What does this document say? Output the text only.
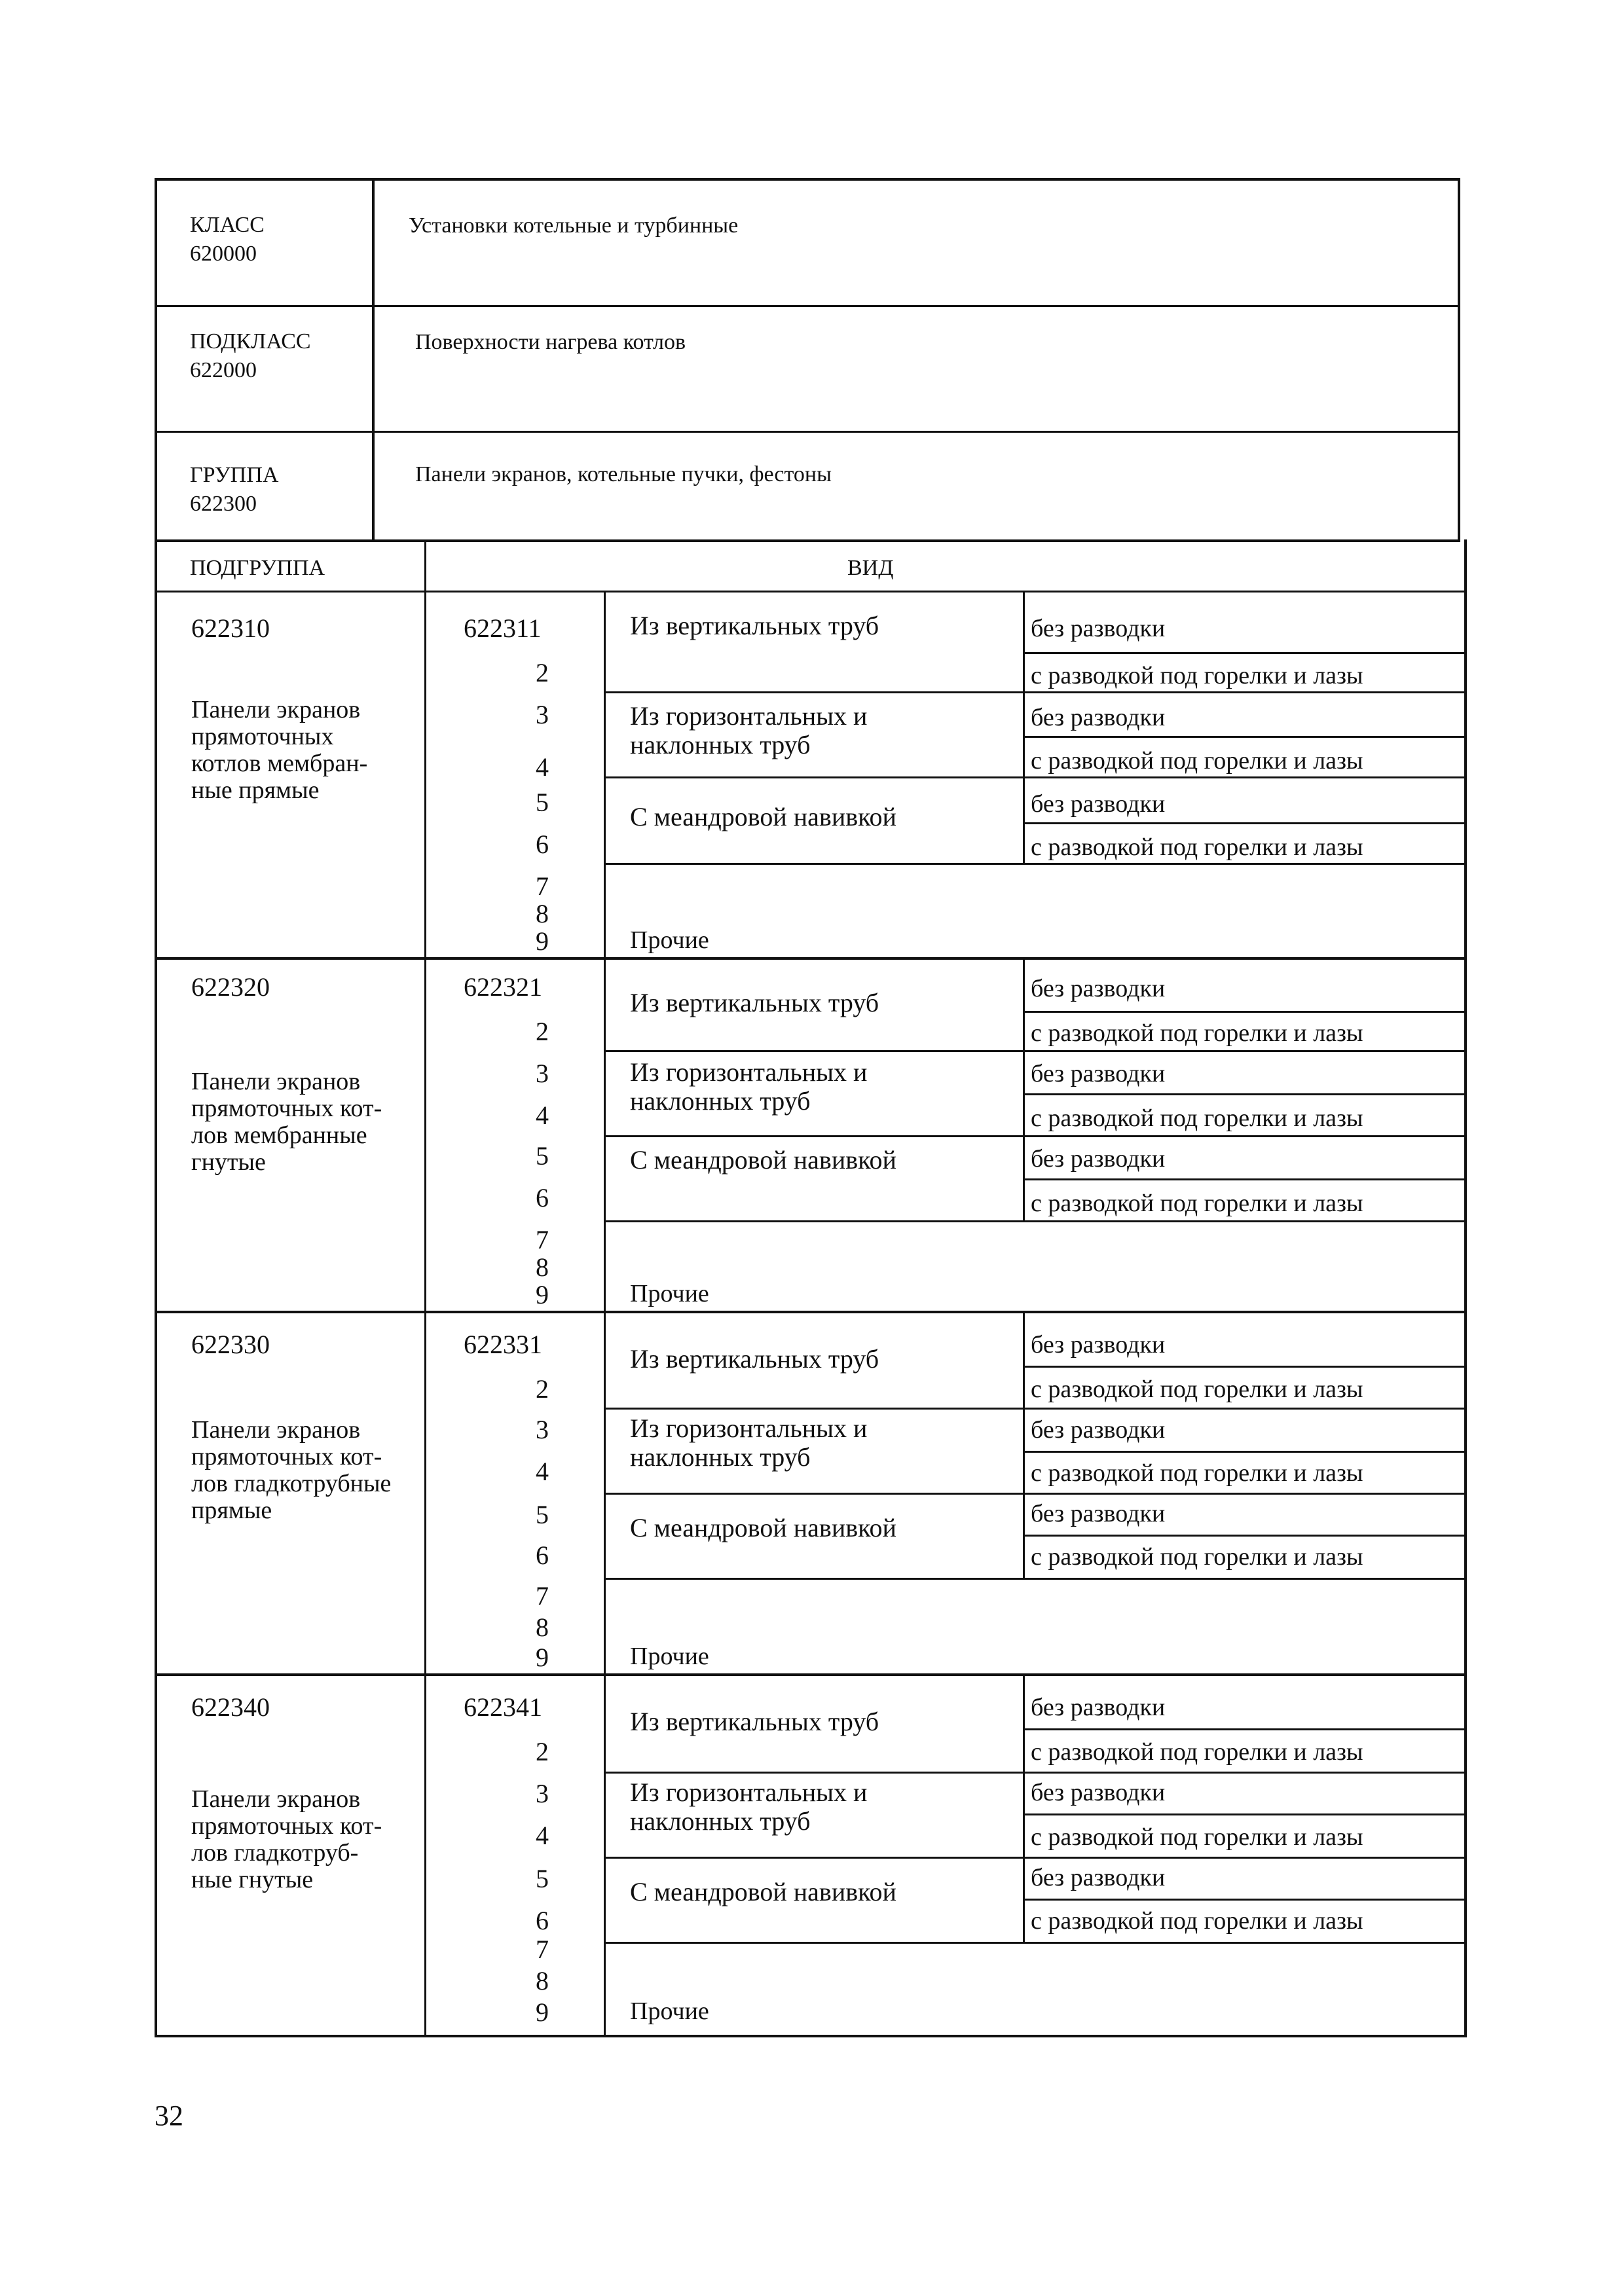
КЛАСС
620000
Установки котельные и турбинные
ПОДКЛАСС
622000
Поверхности нагрева котлов
ГРУППА
622300
Панели экранов, котельные пучки, фестоны
ПОДГРУППА	ВИД
622310
Панели экранов
прямоточных
котлов мембран-
ные прямые
622311
2
3
4
5
6
7
8
9
Из вертикальных труб
Из горизонтальных и
наклонных труб
С меандровой навивкой
без разводки
с разводкой под горелки и лазы
без разводки
с разводкой под горелки и лазы
без разводки
с разводкой под горелки и лазы
Прочие
622320
Панели экранов
прямоточных кот-
лов мембранные
гнутые
622321
2
3
4
5
6
7
8
9
Из вертикальных труб
Из горизонтальных и
наклонных труб
С меандровой навивкой
без разводки
с разводкой под горелки и лазы
без разводки
с разводкой под горелки и лазы
без разводки
с разводкой под горелки и лазы
Прочие
622330
Панели экранов
прямоточных кот-
лов гладкотрубные
прямые
622331
2
3
4
5
6
7
8
9
Из вертикальных труб
Из горизонтальных и
наклонных труб
С меандровой навивкой
без разводки
с разводкой под горелки и лазы
без разводки
с разводкой под горелки и лазы
без разводки
с разводкой под горелки и лазы
Прочие
622340
Панели экранов
прямоточных кот-
лов гладкотруб-
ные гнутые
622341
2
3
4
5
6
7
8
9
Из вертикальных труб
Из горизонтальных и
наклонных труб
С меандровой навивкой
без разводки
с разводкой под горелки и лазы
без разводки
с разводкой под горелки и лазы
без разводки
с разводкой под горелки и лазы
Прочие
32
